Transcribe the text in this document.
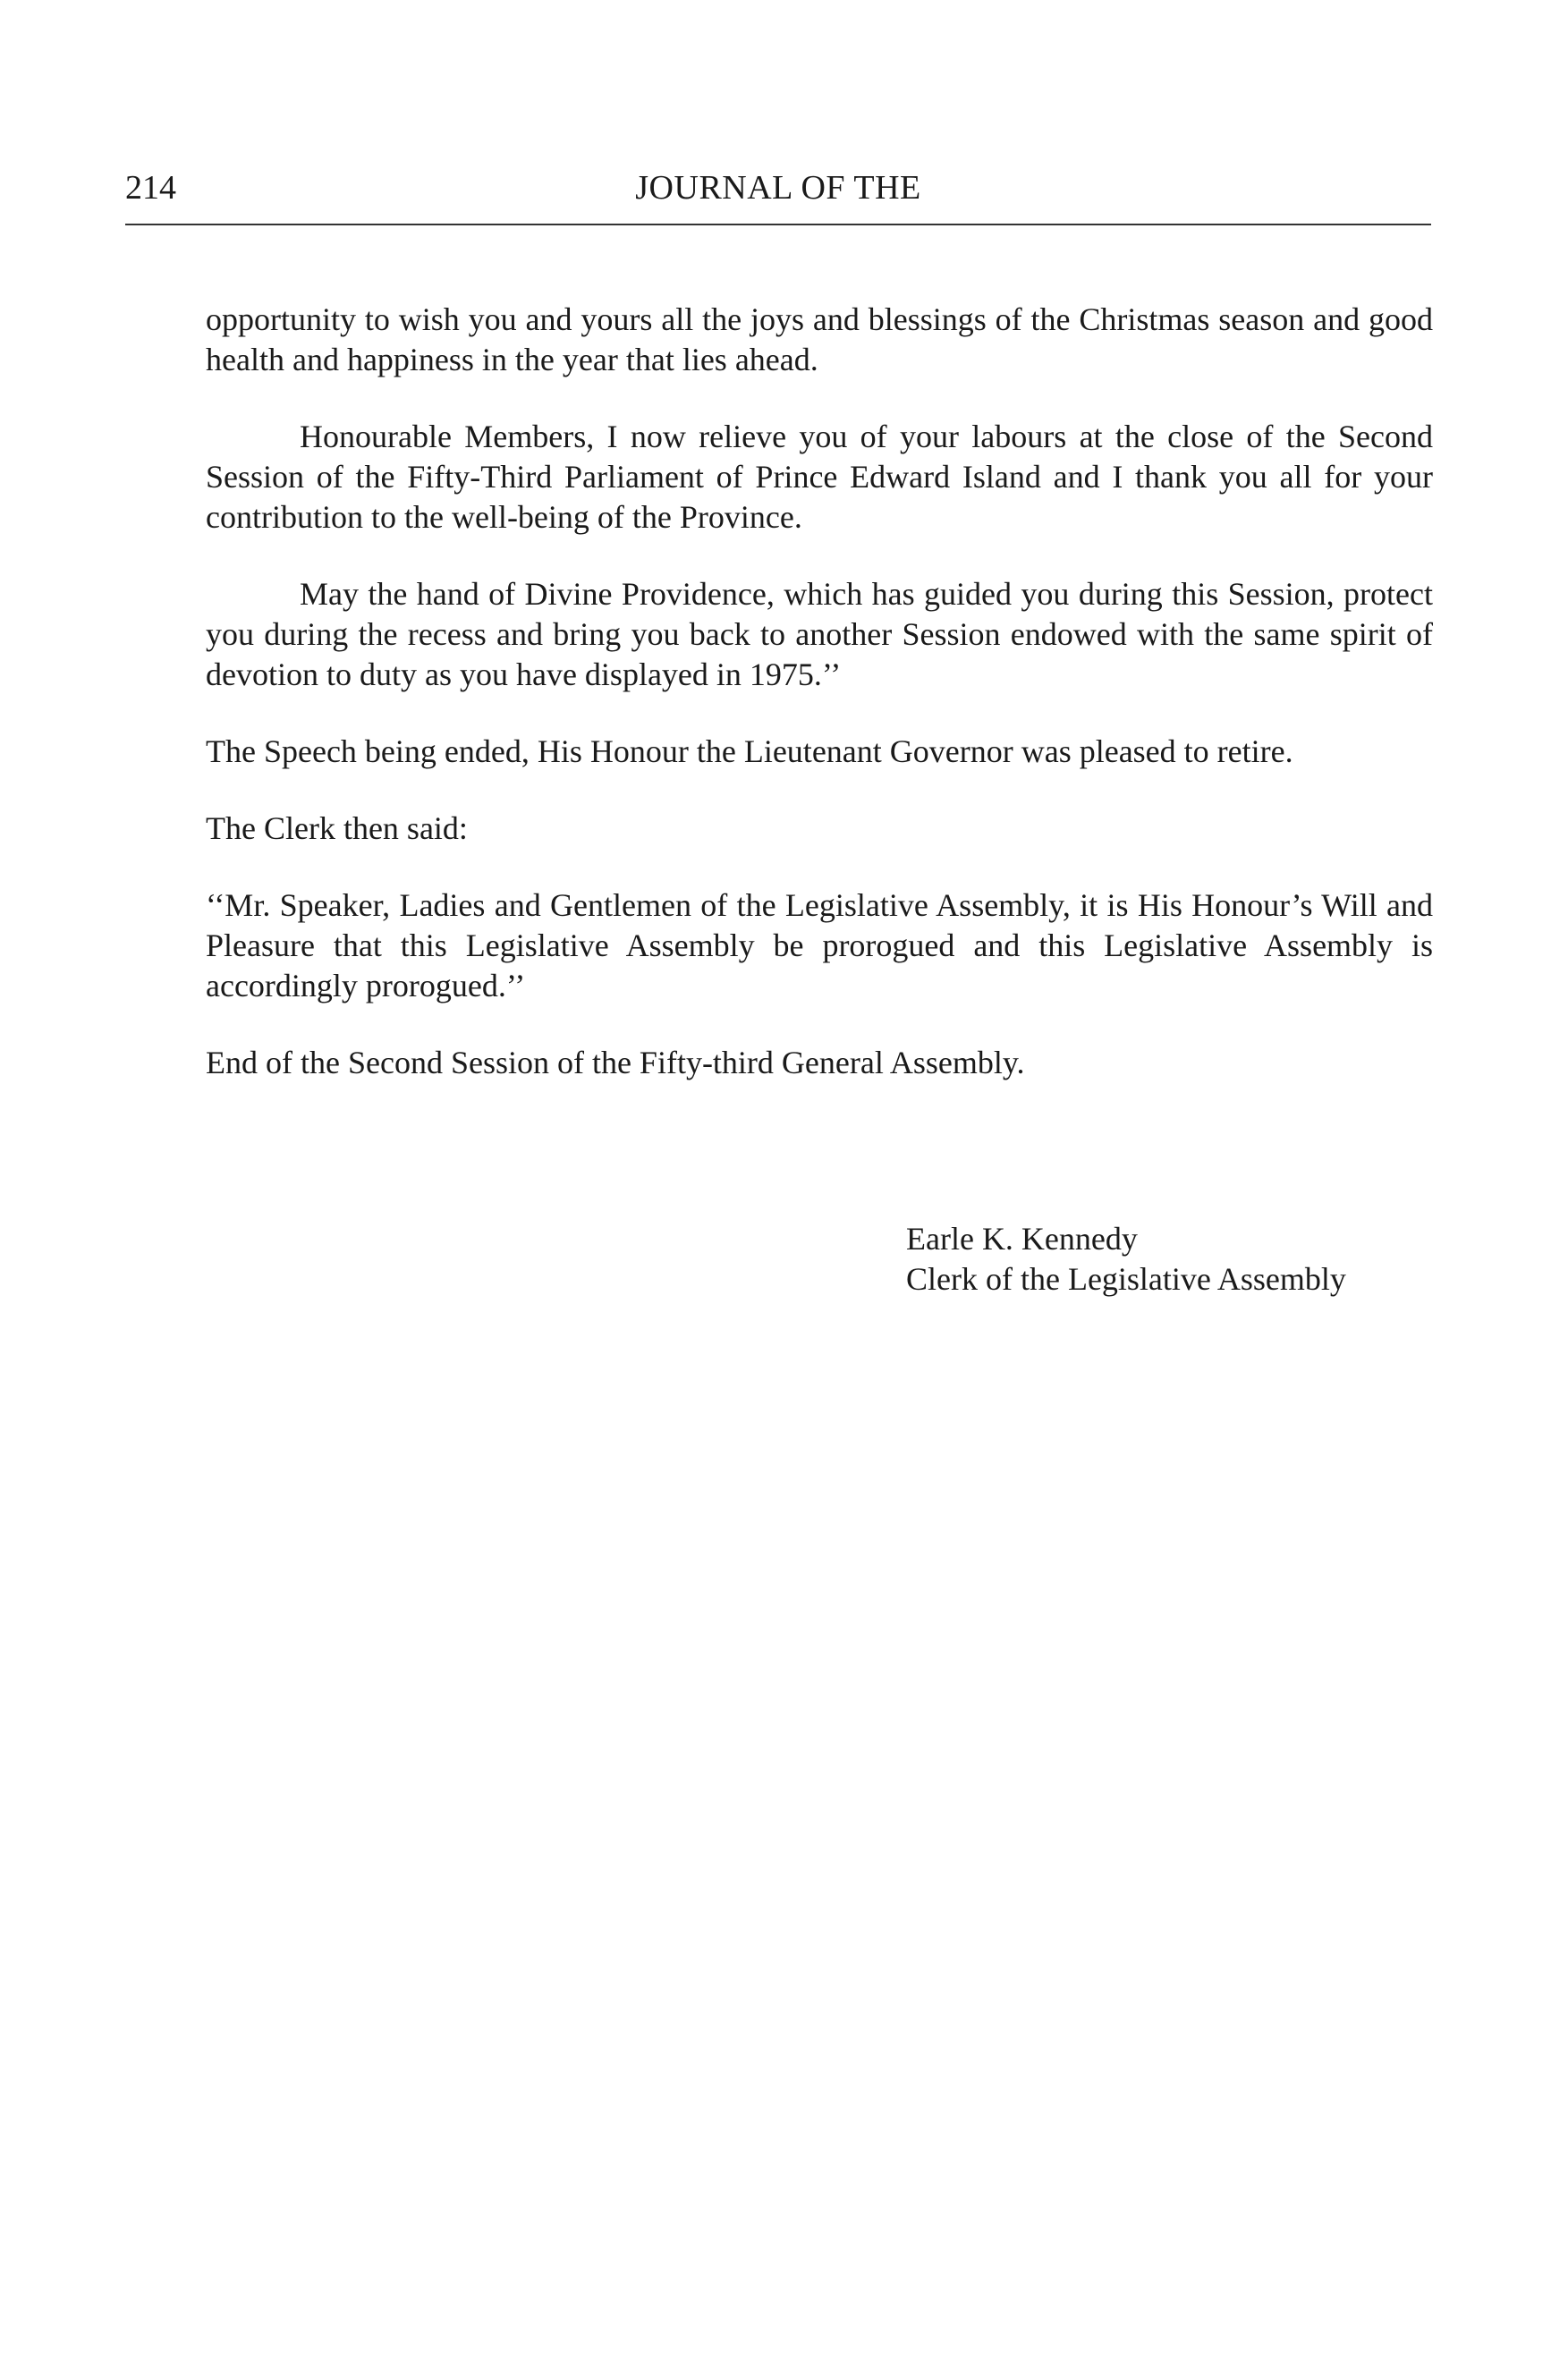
214	JOURNAL OF THE

opportunity to wish you and yours all the joys and blessings of the Christmas season and good health and happiness in the year that lies ahead.

Honourable Members, I now relieve you of your labours at the close of the Second Session of the Fifty-Third Parliament of Prince Edward Island and I thank you all for your contribution to the well-being of the Province.

May the hand of Divine Providence, which has guided you during this Session, protect you during the recess and bring you back to another Session endowed with the same spirit of devotion to duty as you have displayed in 1975.’’

The Speech being ended, His Honour the Lieutenant Governor was pleased to retire.

The Clerk then said:

‘‘Mr. Speaker, Ladies and Gentlemen of the Legislative Assembly, it is His Honour’s Will and Pleasure that this Legislative Assembly be prorogued and this Legislative Assembly is accordingly prorogued.’’

End of the Second Session of the Fifty-third General Assembly.

Earle K. Kennedy
Clerk of the Legislative Assembly
